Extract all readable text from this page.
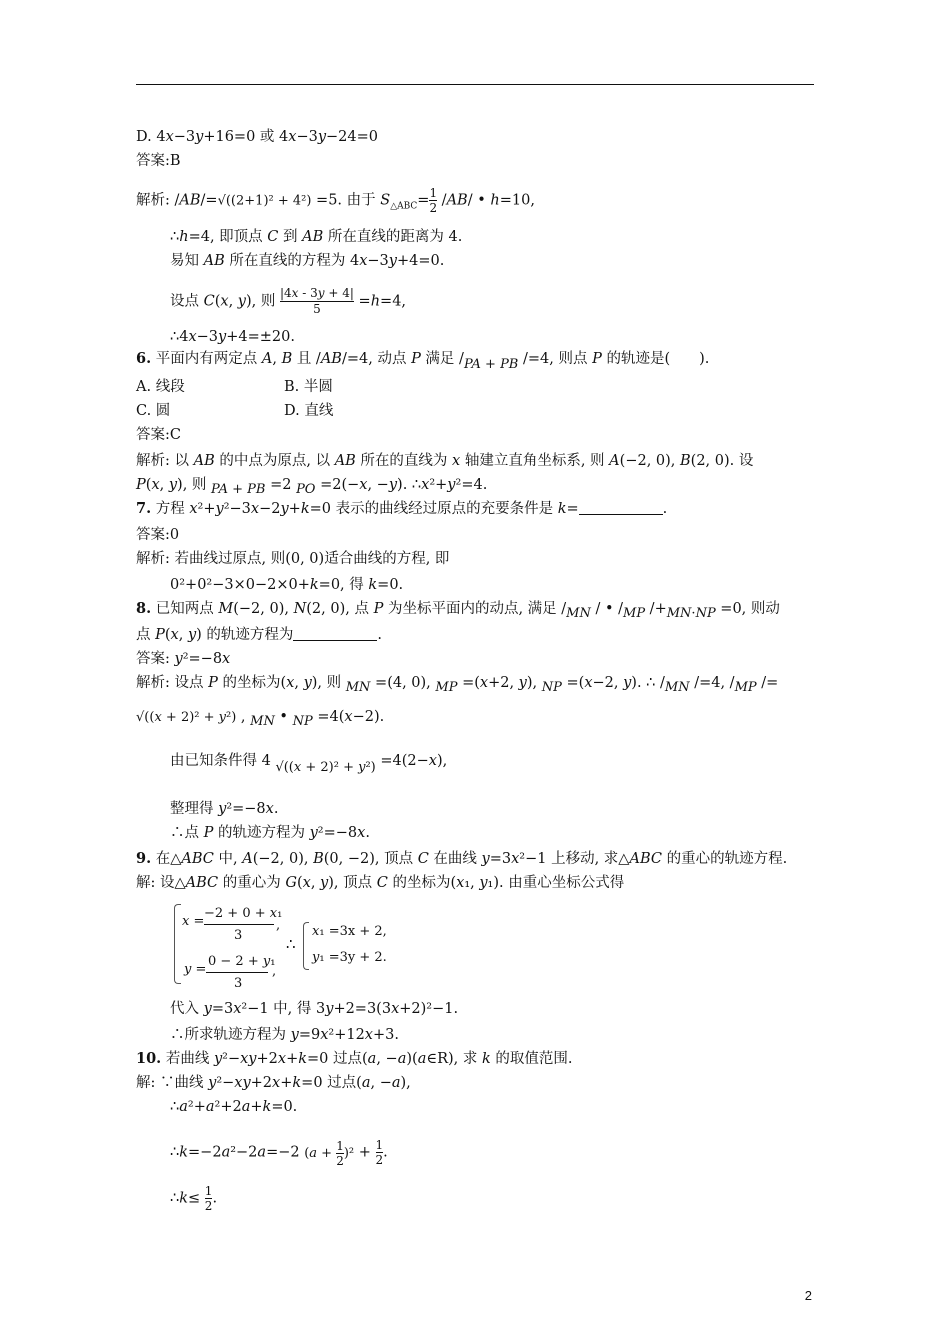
D. 4x−3y+16=0 或 4x−3y−24=0
答案:B
解析: /AB/=√((2+1)² + 4²) =5. 由于 $S_{\triangle ABC}= \frac{1}{2} /AB/$ • h=10,
∴h=4, 即顶点 C 到 AB 所在直线的距离为 4.
易知 AB 所在直线的方程为 4x−3y+4=0.
设点 C(x, y), 则 $\frac{|4x - 3y + 4|}{5} =h=4$,
∴4x−3y+4=±20.
6. 平面内有两定点 A, B 且 /AB/=4, 动点 P 满足 /PA + PB /=4, 则点 P 的轨迹是(　　).
A. 线段	B. 半圆
C. 圆	D. 直线
答案:C
解析: 以 AB 的中点为原点, 以 AB 所在的直线为 x 轴建立直角坐标系, 则 A(−2, 0), B(2, 0). 设
P(x, y), 则 PA + PB =2 PO =2(−x, −y). ∴x²+y²=4.
7. 方程 x²+y²−3x−2y+k=0 表示的曲线经过原点的充要条件是 k=	.
答案:0
解析: 若曲线过原点, 则(0, 0)适合曲线的方程, 即
0²+0²−3×0−2×0+k=0, 得 k=0.
8. 已知两点 M(−2, 0), N(2, 0), 点 P 为坐标平面内的动点, 满足 /MN / • /MP /+MN·NP =0, 则动
点 P(x, y) 的轨迹方程为	.
答案: y²=−8x
解析: 设点 P 的坐标为(x, y), 则 MN =(4, 0), MP =(x+2, y), NP =(x−2, y). ∴ /MN /=4, /MP /=
√((x + 2)² + y²) , MN • NP =4(x−2).
由已知条件得 4 √((x + 2)² + y²) =4(2−x),
整理得 y²=−8x.
∴点 P 的轨迹方程为 y²=−8x.
9. 在△ABC 中, A(−2, 0), B(0, −2), 顶点 C 在曲线 y=3x²−1 上移动, 求△ABC 的重心的轨迹方程.
解: 设△ABC 的重心为 G(x, y), 顶点 C 的坐标为(x₁, y₁). 由重心坐标公式得
x =
−2 + 0 + x₁
3
,
y =
0 − 2 + y₁
3
,
∴
x₁ =3x + 2,
y₁ =3y + 2.
代入 y=3x²−1 中, 得 3y+2=3(3x+2)²−1.
∴所求轨迹方程为 y=9x²+12x+3.
10. 若曲线 y²−xy+2x+k=0 过点(a, −a)(a∈R), 求 k 的取值范围.
解: ∵曲线 y²−xy+2x+k=0 过点(a, −a),
∴a²+a²+2a+k=0.
∴k=−2a²−2a=−2 $(a + \frac{1}{2} )^2 + \frac{1}{2}$ .
∴k≤ $\frac{1}{2}$ .
2
